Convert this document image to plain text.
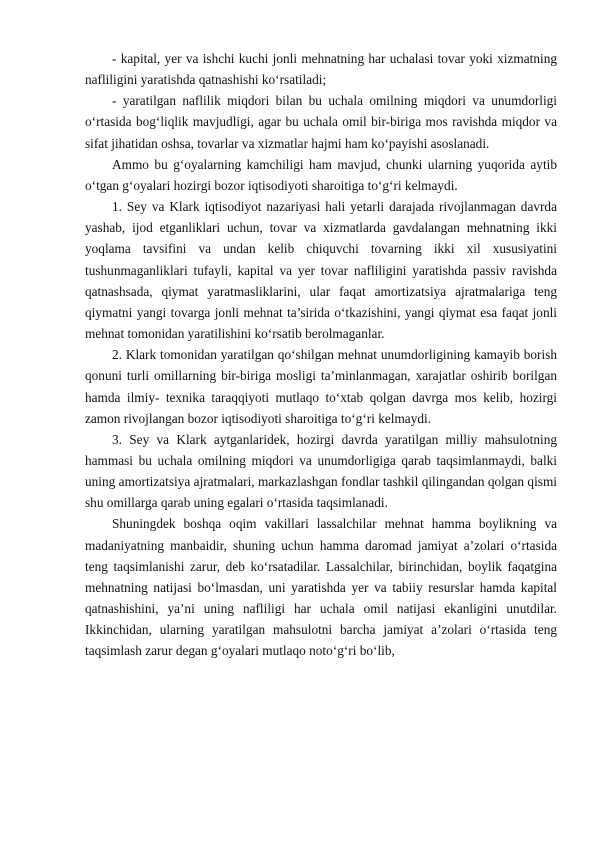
- kapital, yer va ishchi kuchi jonli mehnatning har uchalasi tovar yoki xizmatning nafliligini yaratishda qatnashishi ko‘rsatiladi;

- yaratilgan naflilik miqdori bilan bu uchala omilning miqdori va unumdorligi o‘rtasida bog‘liqlik mavjudligi, agar bu uchala omil bir-biriga mos ravishda miqdor va sifat jihatidan oshsa, tovarlar va xizmatlar hajmi ham ko‘payishi asoslanadi.

Ammo bu g‘oyalarning kamchiligi ham mavjud, chunki ularning yuqorida aytib o‘tgan g‘oyalari hozirgi bozor iqtisodiyoti sharoitiga to‘g‘ri kelmaydi.

1. Sey va Klark iqtisodiyot nazariyasi hali yetarli darajada rivojlanmagan davrda yashab, ijod etganliklari uchun, tovar va xizmatlarda gavdalangan mehnatning ikki yoqlama tavsifini va undan kelib chiquvchi tovarning ikki xil xususiyatini tushunmaganliklari tufayli, kapital va yer tovar nafliligini yaratishda passiv ravishda qatnashsada, qiymat yaratmasliklarini, ular faqat amortizatsiya ajratmalariga teng qiymatni yangi tovarga jonli mehnat ta’sirida o‘tkazishini, yangi qiymat esa faqat jonli mehnat tomonidan yaratilishini ko‘rsatib berolmaganlar.

2. Klark tomonidan yaratilgan qo‘shilgan mehnat unumdorligining kamayib borish qonuni turli omillarning bir-biriga mosligi ta’minlanmagan, xarajatlar oshirib borilgan hamda ilmiy- texnika taraqqiyoti mutlaqo to‘xtab qolgan davrga mos kelib, hozirgi zamon rivojlangan bozor iqtisodiyoti sharoitiga to‘g‘ri kelmaydi.

3. Sey va Klark aytganlaridek, hozirgi davrda yaratilgan milliy mahsulotning hammasi bu uchala omilning miqdori va unumdorligiga qarab taqsimlanmaydi, balki uning amortizatsiya ajratmalari, markazlashgan fondlar tashkil qilingandan qolgan qismi shu omillarga qarab uning egalari o‘rtasida taqsimlanadi.

Shuningdek boshqa oqim vakillari lassalchilar mehnat hamma boylikning va madaniyatning manbaidir, shuning uchun hamma daromad jamiyat a’zolari o‘rtasida teng taqsimlanishi zarur, deb ko‘rsatadilar. Lassalchilar, birinchidan, boylik faqatgina mehnatning natijasi bo‘lmasdan, uni yaratishda yer va tabiiy resurslar hamda kapital qatnashishini, ya’ni uning nafliligi har uchala omil natijasi ekanligini unutdilar. Ikkinchidan, ularning yaratilgan mahsulotni barcha jamiyat a’zolari o‘rtasida teng taqsimlash zarur degan g‘oyalari mutlaqo noto‘g‘ri bo‘lib,
